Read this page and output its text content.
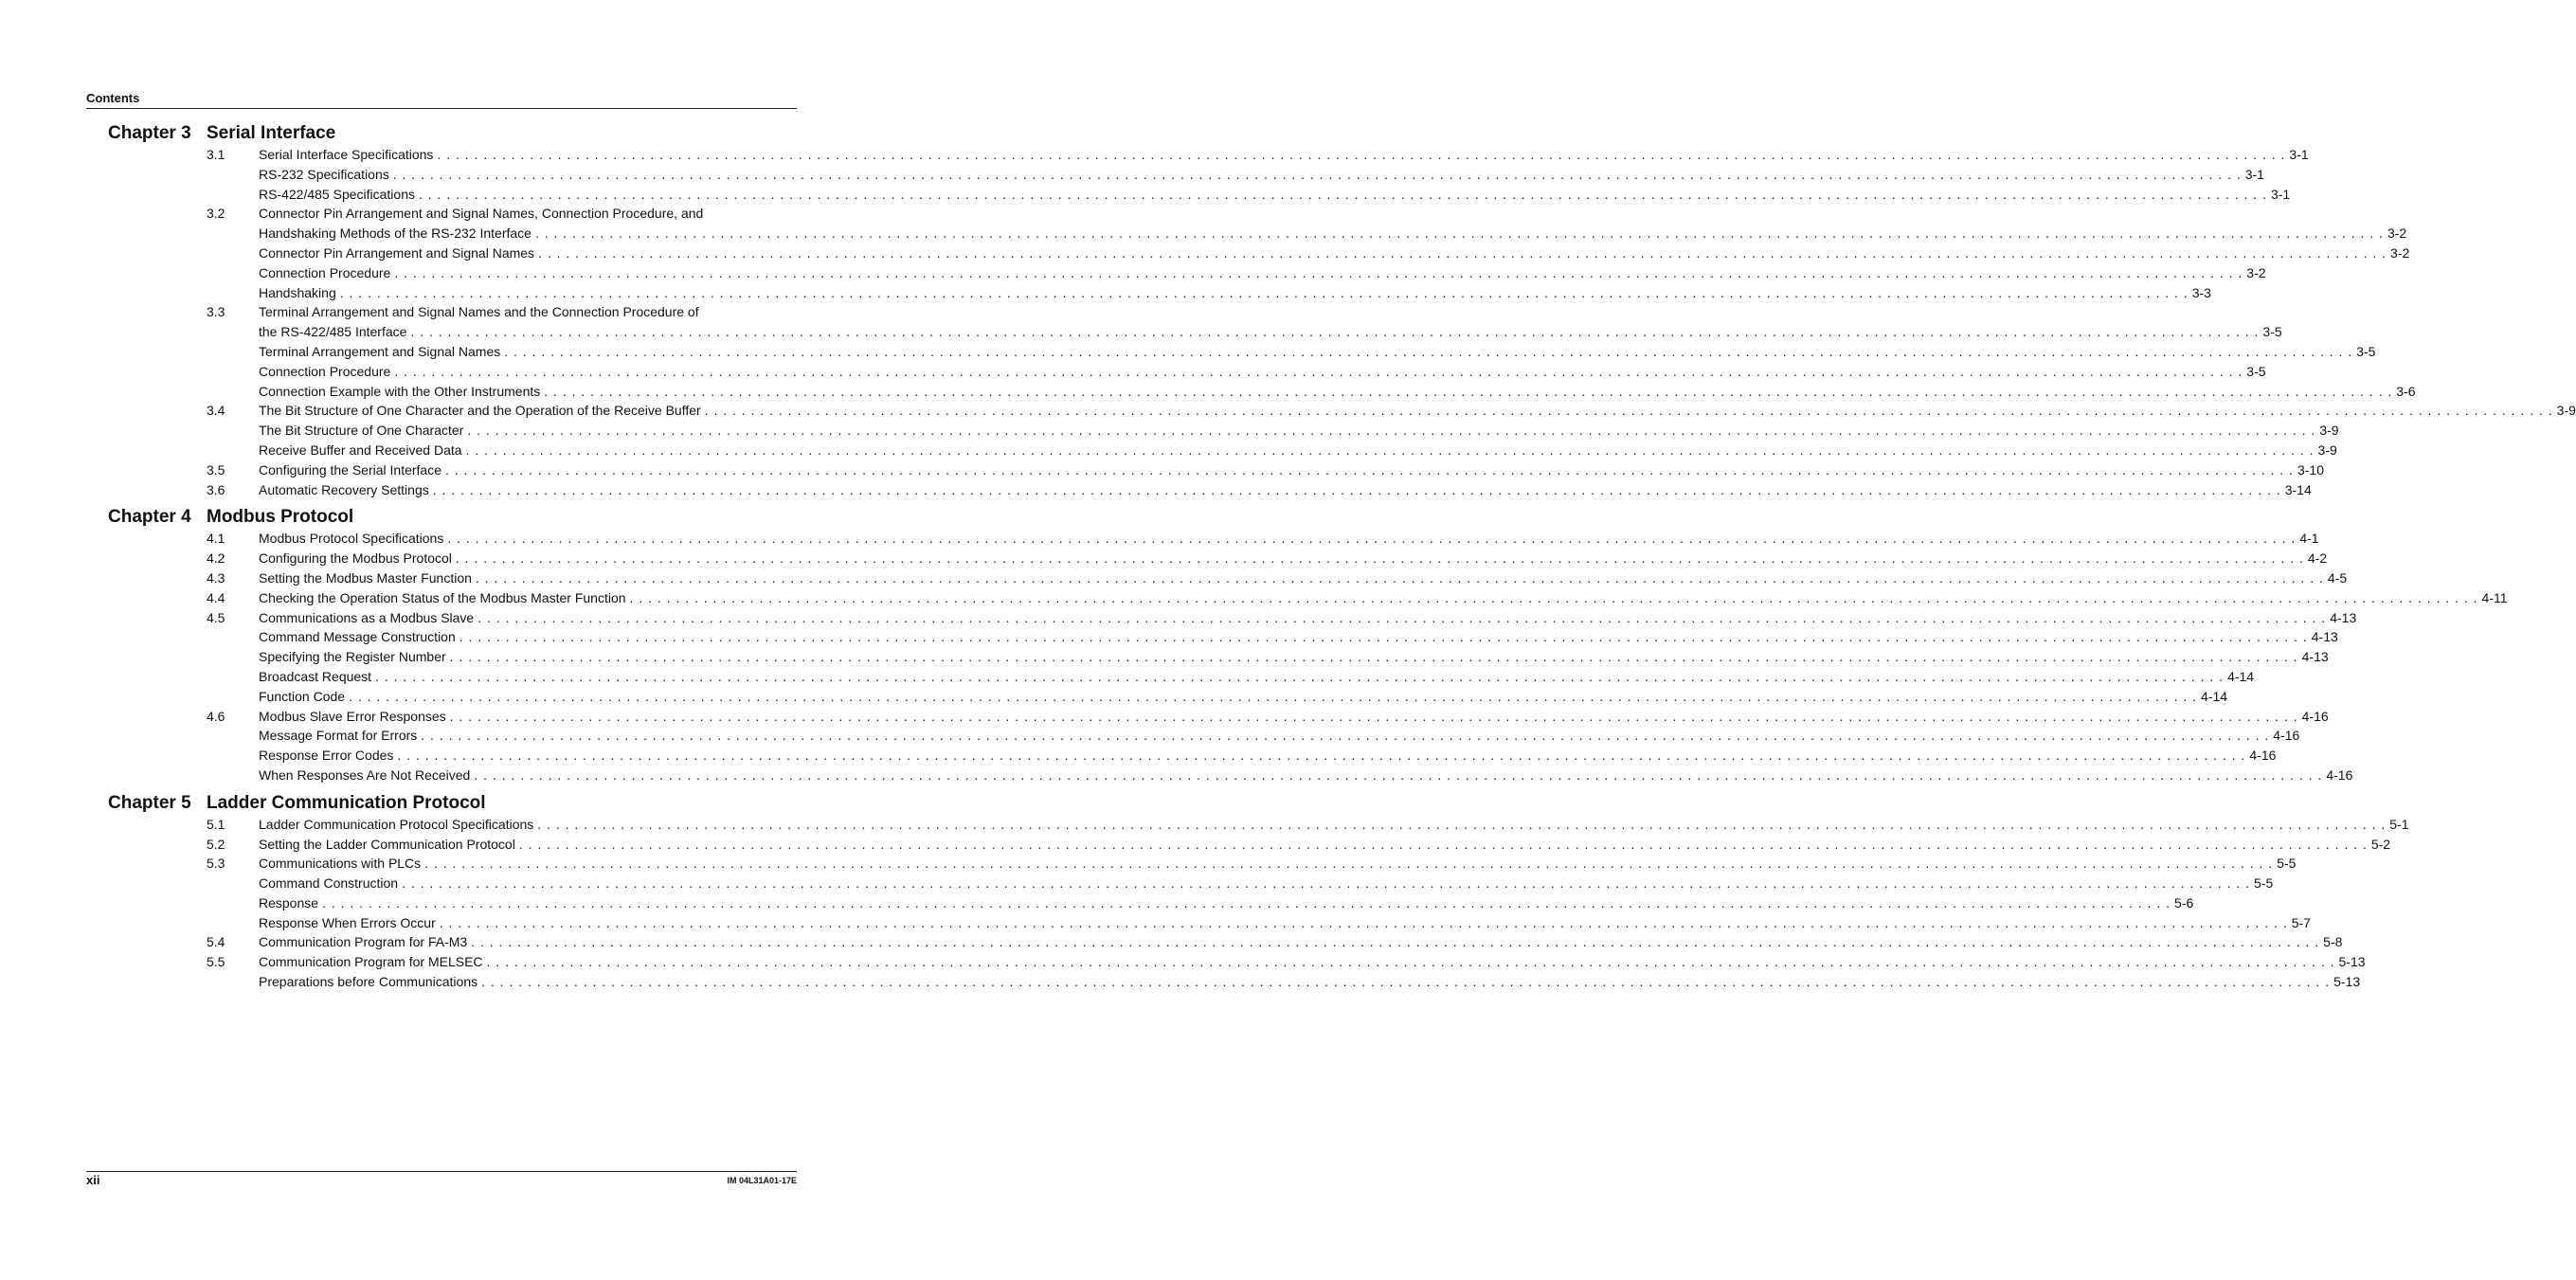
Contents
Chapter 3 Serial Interface
3.1	Serial Interface Specifications . . . . . . . . . . . . . . . . . . . . . . . . . . . . . . . . . . . . . . . . . . . . . . . . . . . . . . . . . . . . . . . . . . . . . . . . . . . . . . . . . . . . . . . . . . . . . . . . . . . . . . . . . . . . . . . . . . . . . . . . . . . . . . . . . . . . . . . . . . . . . . . . . . . . . . . . . . . . . . . . . . . . . . . . . . . . . . . . . . . . . . . . . . . . . . . . . . . . . . . . 3-1
RS-232 Specifications . . . . . . . . . . . . . . . . . . . . . . . . . . . . . . . . . . . . . . . . . . . . . . . . . . . . . . . . . . . . . . . . . . . . . . . . . . . . . . . . . . . . . . . . . . . . . . . . . . . . . . . . . . . . . . . . . . . . . . . . . . . . . . . . . . . . . . . . . . . . . . . . . . . . . . . . . . . . . . . . . . . . . . . . . . . . . . . . . . . . . . . . . . . . . . . . . . . . . . . . 3-1
RS-422/485 Specifications . . . . . . . . . . . . . . . . . . . . . . . . . . . . . . . . . . . . . . . . . . . . . . . . . . . . . . . . . . . . . . . . . . . . . . . . . . . . . . . . . . . . . . . . . . . . . . . . . . . . . . . . . . . . . . . . . . . . . . . . . . . . . . . . . . . . . . . . . . . . . . . . . . . . . . . . . . . . . . . . . . . . . . . . . . . . . . . . . . . . . . . . . . . . . . . . . . . . . . . . 3-1
3.2	Connector Pin Arrangement and Signal Names, Connection Procedure, and
Handshaking Methods of the RS-232 Interface . . . . . . . . . . . . . . . . . . . . . . . . . . . . . . . . . . . . . . . . . . . . . . . . . . . . . . . . . . . . . . . . . . . . . . . . . . . . . . . . . . . . . . . . . . . . . . . . . . . . . . . . . . . . . . . . . . . . . . . . . . . . . . . . . . . . . . . . . . . . . . . . . . . . . . . . . . . . . . . . . . . . . . . . . . . . . . . . . . . . . . . . . . . . . . . . . . . . . . . . 3-2
Connector Pin Arrangement and Signal Names . . . . . . . . . . . . . . . . . . . . . . . . . . . . . . . . . . . . . . . . . . . . . . . . . . . . . . . . . . . . . . . . . . . . . . . . . . . . . . . . . . . . . . . . . . . . . . . . . . . . . . . . . . . . . . . . . . . . . . . . . . . . . . . . . . . . . . . . . . . . . . . . . . . . . . . . . . . . . . . . . . . . . . . . . . . . . . . . . . . . . . . . . . . . . . . . . . . . . . . . 3-2
Connection Procedure . . . . . . . . . . . . . . . . . . . . . . . . . . . . . . . . . . . . . . . . . . . . . . . . . . . . . . . . . . . . . . . . . . . . . . . . . . . . . . . . . . . . . . . . . . . . . . . . . . . . . . . . . . . . . . . . . . . . . . . . . . . . . . . . . . . . . . . . . . . . . . . . . . . . . . . . . . . . . . . . . . . . . . . . . . . . . . . . . . . . . . . . . . . . . . . . . . . . . . . . 3-2
Handshaking . . . . . . . . . . . . . . . . . . . . . . . . . . . . . . . . . . . . . . . . . . . . . . . . . . . . . . . . . . . . . . . . . . . . . . . . . . . . . . . . . . . . . . . . . . . . . . . . . . . . . . . . . . . . . . . . . . . . . . . . . . . . . . . . . . . . . . . . . . . . . . . . . . . . . . . . . . . . . . . . . . . . . . . . . . . . . . . . . . . . . . . . . . . . . . . . . . . . . . . . 3-3
3.3	Terminal Arrangement and Signal Names and the Connection Procedure of
the RS-422/485 Interface . . . . . . . . . . . . . . . . . . . . . . . . . . . . . . . . . . . . . . . . . . . . . . . . . . . . . . . . . . . . . . . . . . . . . . . . . . . . . . . . . . . . . . . . . . . . . . . . . . . . . . . . . . . . . . . . . . . . . . . . . . . . . . . . . . . . . . . . . . . . . . . . . . . . . . . . . . . . . . . . . . . . . . . . . . . . . . . . . . . . . . . . . . . . . . . . . . . . . . . . 3-5
Terminal Arrangement and Signal Names . . . . . . . . . . . . . . . . . . . . . . . . . . . . . . . . . . . . . . . . . . . . . . . . . . . . . . . . . . . . . . . . . . . . . . . . . . . . . . . . . . . . . . . . . . . . . . . . . . . . . . . . . . . . . . . . . . . . . . . . . . . . . . . . . . . . . . . . . . . . . . . . . . . . . . . . . . . . . . . . . . . . . . . . . . . . . . . . . . . . . . . . . . . . . . . . . . . . . . . . 3-5
Connection Procedure . . . . . . . . . . . . . . . . . . . . . . . . . . . . . . . . . . . . . . . . . . . . . . . . . . . . . . . . . . . . . . . . . . . . . . . . . . . . . . . . . . . . . . . . . . . . . . . . . . . . . . . . . . . . . . . . . . . . . . . . . . . . . . . . . . . . . . . . . . . . . . . . . . . . . . . . . . . . . . . . . . . . . . . . . . . . . . . . . . . . . . . . . . . . . . . . . . . . . . . . 3-5
Connection Example with the Other Instruments . . . . . . . . . . . . . . . . . . . . . . . . . . . . . . . . . . . . . . . . . . . . . . . . . . . . . . . . . . . . . . . . . . . . . . . . . . . . . . . . . . . . . . . . . . . . . . . . . . . . . . . . . . . . . . . . . . . . . . . . . . . . . . . . . . . . . . . . . . . . . . . . . . . . . . . . . . . . . . . . . . . . . . . . . . . . . . . . . . . . . . . . . . . . . . . . . . . . . . . . 3-6
3.4	The Bit Structure of One Character and the Operation of the Receive Buffer . . . . . . . . . . . . . . . . . . . . . . . . . . . . . . . . . . . . . . . . . . . . . . . . . . . . . . . . . . . . . . . . . . . . . . . . . . . . . . . . . . . . . . . . . . . . . . . . . . . . . . . . . . . . . . . . . . . . . . . . . . . . . . . . . . . . . . . . . . . . . . . . . . . . . . . . . . . . . . . . . . . . . . . . . . . . . . . . . . . . . . . . . . . . . . . . . . . . . . . . 3-9
The Bit Structure of One Character . . . . . . . . . . . . . . . . . . . . . . . . . . . . . . . . . . . . . . . . . . . . . . . . . . . . . . . . . . . . . . . . . . . . . . . . . . . . . . . . . . . . . . . . . . . . . . . . . . . . . . . . . . . . . . . . . . . . . . . . . . . . . . . . . . . . . . . . . . . . . . . . . . . . . . . . . . . . . . . . . . . . . . . . . . . . . . . . . . . . . . . . . . . . . . . . . . . . . . . . 3-9
Receive Buffer and Received Data . . . . . . . . . . . . . . . . . . . . . . . . . . . . . . . . . . . . . . . . . . . . . . . . . . . . . . . . . . . . . . . . . . . . . . . . . . . . . . . . . . . . . . . . . . . . . . . . . . . . . . . . . . . . . . . . . . . . . . . . . . . . . . . . . . . . . . . . . . . . . . . . . . . . . . . . . . . . . . . . . . . . . . . . . . . . . . . . . . . . . . . . . . . . . . . . . . . . . . . . 3-9
3.5	Configuring the Serial Interface . . . . . . . . . . . . . . . . . . . . . . . . . . . . . . . . . . . . . . . . . . . . . . . . . . . . . . . . . . . . . . . . . . . . . . . . . . . . . . . . . . . . . . . . . . . . . . . . . . . . . . . . . . . . . . . . . . . . . . . . . . . . . . . . . . . . . . . . . . . . . . . . . . . . . . . . . . . . . . . . . . . . . . . . . . . . . . . . . . . . . . . . . . . . . . . . . . . . . . . . 3-10
3.6	Automatic Recovery Settings . . . . . . . . . . . . . . . . . . . . . . . . . . . . . . . . . . . . . . . . . . . . . . . . . . . . . . . . . . . . . . . . . . . . . . . . . . . . . . . . . . . . . . . . . . . . . . . . . . . . . . . . . . . . . . . . . . . . . . . . . . . . . . . . . . . . . . . . . . . . . . . . . . . . . . . . . . . . . . . . . . . . . . . . . . . . . . . . . . . . . . . . . . . . . . . . . . . . . . . . 3-14
Chapter 4 Modbus Protocol
4.1	Modbus Protocol Specifications . . . . . . . . . . . . . . . . . . . . . . . . . . . . . . . . . . . . . . . . . . . . . . . . . . . . . . . . . . . . . . . . . . . . . . . . . . . . . . . . . . . . . . . . . . . . . . . . . . . . . . . . . . . . . . . . . . . . . . . . . . . . . . . . . . . . . . . . . . . . . . . . . . . . . . . . . . . . . . . . . . . . . . . . . . . . . . . . . . . . . . . . . . . . . . . . . . . . . . . . 4-1
4.2	Configuring the Modbus Protocol . . . . . . . . . . . . . . . . . . . . . . . . . . . . . . . . . . . . . . . . . . . . . . . . . . . . . . . . . . . . . . . . . . . . . . . . . . . . . . . . . . . . . . . . . . . . . . . . . . . . . . . . . . . . . . . . . . . . . . . . . . . . . . . . . . . . . . . . . . . . . . . . . . . . . . . . . . . . . . . . . . . . . . . . . . . . . . . . . . . . . . . . . . . . . . . . . . . . . . . . 4-2
4.3	Setting the Modbus Master Function . . . . . . . . . . . . . . . . . . . . . . . . . . . . . . . . . . . . . . . . . . . . . . . . . . . . . . . . . . . . . . . . . . . . . . . . . . . . . . . . . . . . . . . . . . . . . . . . . . . . . . . . . . . . . . . . . . . . . . . . . . . . . . . . . . . . . . . . . . . . . . . . . . . . . . . . . . . . . . . . . . . . . . . . . . . . . . . . . . . . . . . . . . . . . . . . . . . . . . . . 4-5
4.4	Checking the Operation Status of the Modbus Master Function . . . . . . . . . . . . . . . . . . . . . . . . . . . . . . . . . . . . . . . . . . . . . . . . . . . . . . . . . . . . . . . . . . . . . . . . . . . . . . . . . . . . . . . . . . . . . . . . . . . . . . . . . . . . . . . . . . . . . . . . . . . . . . . . . . . . . . . . . . . . . . . . . . . . . . . . . . . . . . . . . . . . . . . . . . . . . . . . . . . . . . . . . . . . . . . . . . . . . . . . 4-11
4.5	Communications as a Modbus Slave . . . . . . . . . . . . . . . . . . . . . . . . . . . . . . . . . . . . . . . . . . . . . . . . . . . . . . . . . . . . . . . . . . . . . . . . . . . . . . . . . . . . . . . . . . . . . . . . . . . . . . . . . . . . . . . . . . . . . . . . . . . . . . . . . . . . . . . . . . . . . . . . . . . . . . . . . . . . . . . . . . . . . . . . . . . . . . . . . . . . . . . . . . . . . . . . . . . . . . . . 4-13
Command Message Construction . . . . . . . . . . . . . . . . . . . . . . . . . . . . . . . . . . . . . . . . . . . . . . . . . . . . . . . . . . . . . . . . . . . . . . . . . . . . . . . . . . . . . . . . . . . . . . . . . . . . . . . . . . . . . . . . . . . . . . . . . . . . . . . . . . . . . . . . . . . . . . . . . . . . . . . . . . . . . . . . . . . . . . . . . . . . . . . . . . . . . . . . . . . . . . . . . . . . . . . . 4-13
Specifying the Register Number . . . . . . . . . . . . . . . . . . . . . . . . . . . . . . . . . . . . . . . . . . . . . . . . . . . . . . . . . . . . . . . . . . . . . . . . . . . . . . . . . . . . . . . . . . . . . . . . . . . . . . . . . . . . . . . . . . . . . . . . . . . . . . . . . . . . . . . . . . . . . . . . . . . . . . . . . . . . . . . . . . . . . . . . . . . . . . . . . . . . . . . . . . . . . . . . . . . . . . . . 4-13
Broadcast Request . . . . . . . . . . . . . . . . . . . . . . . . . . . . . . . . . . . . . . . . . . . . . . . . . . . . . . . . . . . . . . . . . . . . . . . . . . . . . . . . . . . . . . . . . . . . . . . . . . . . . . . . . . . . . . . . . . . . . . . . . . . . . . . . . . . . . . . . . . . . . . . . . . . . . . . . . . . . . . . . . . . . . . . . . . . . . . . . . . . . . . . . . . . . . . . . . . . . . . . . 4-14
Function Code . . . . . . . . . . . . . . . . . . . . . . . . . . . . . . . . . . . . . . . . . . . . . . . . . . . . . . . . . . . . . . . . . . . . . . . . . . . . . . . . . . . . . . . . . . . . . . . . . . . . . . . . . . . . . . . . . . . . . . . . . . . . . . . . . . . . . . . . . . . . . . . . . . . . . . . . . . . . . . . . . . . . . . . . . . . . . . . . . . . . . . . . . . . . . . . . . . . . . . . . 4-14
4.6	Modbus Slave Error Responses . . . . . . . . . . . . . . . . . . . . . . . . . . . . . . . . . . . . . . . . . . . . . . . . . . . . . . . . . . . . . . . . . . . . . . . . . . . . . . . . . . . . . . . . . . . . . . . . . . . . . . . . . . . . . . . . . . . . . . . . . . . . . . . . . . . . . . . . . . . . . . . . . . . . . . . . . . . . . . . . . . . . . . . . . . . . . . . . . . . . . . . . . . . . . . . . . . . . . . . . 4-16
Message Format for Errors . . . . . . . . . . . . . . . . . . . . . . . . . . . . . . . . . . . . . . . . . . . . . . . . . . . . . . . . . . . . . . . . . . . . . . . . . . . . . . . . . . . . . . . . . . . . . . . . . . . . . . . . . . . . . . . . . . . . . . . . . . . . . . . . . . . . . . . . . . . . . . . . . . . . . . . . . . . . . . . . . . . . . . . . . . . . . . . . . . . . . . . . . . . . . . . . . . . . . . . . 4-16
Response Error Codes . . . . . . . . . . . . . . . . . . . . . . . . . . . . . . . . . . . . . . . . . . . . . . . . . . . . . . . . . . . . . . . . . . . . . . . . . . . . . . . . . . . . . . . . . . . . . . . . . . . . . . . . . . . . . . . . . . . . . . . . . . . . . . . . . . . . . . . . . . . . . . . . . . . . . . . . . . . . . . . . . . . . . . . . . . . . . . . . . . . . . . . . . . . . . . . . . . . . . . . . 4-16
When Responses Are Not Received . . . . . . . . . . . . . . . . . . . . . . . . . . . . . . . . . . . . . . . . . . . . . . . . . . . . . . . . . . . . . . . . . . . . . . . . . . . . . . . . . . . . . . . . . . . . . . . . . . . . . . . . . . . . . . . . . . . . . . . . . . . . . . . . . . . . . . . . . . . . . . . . . . . . . . . . . . . . . . . . . . . . . . . . . . . . . . . . . . . . . . . . . . . . . . . . . . . . . . . . 4-16
Chapter 5 Ladder Communication Protocol
5.1	Ladder Communication Protocol Specifications . . . . . . . . . . . . . . . . . . . . . . . . . . . . . . . . . . . . . . . . . . . . . . . . . . . . . . . . . . . . . . . . . . . . . . . . . . . . . . . . . . . . . . . . . . . . . . . . . . . . . . . . . . . . . . . . . . . . . . . . . . . . . . . . . . . . . . . . . . . . . . . . . . . . . . . . . . . . . . . . . . . . . . . . . . . . . . . . . . . . . . . . . . . . . . . . . . . . . . . . 5-1
5.2	Setting the Ladder Communication Protocol . . . . . . . . . . . . . . . . . . . . . . . . . . . . . . . . . . . . . . . . . . . . . . . . . . . . . . . . . . . . . . . . . . . . . . . . . . . . . . . . . . . . . . . . . . . . . . . . . . . . . . . . . . . . . . . . . . . . . . . . . . . . . . . . . . . . . . . . . . . . . . . . . . . . . . . . . . . . . . . . . . . . . . . . . . . . . . . . . . . . . . . . . . . . . . . . . . . . . . . . 5-2
5.3	Communications with PLCs . . . . . . . . . . . . . . . . . . . . . . . . . . . . . . . . . . . . . . . . . . . . . . . . . . . . . . . . . . . . . . . . . . . . . . . . . . . . . . . . . . . . . . . . . . . . . . . . . . . . . . . . . . . . . . . . . . . . . . . . . . . . . . . . . . . . . . . . . . . . . . . . . . . . . . . . . . . . . . . . . . . . . . . . . . . . . . . . . . . . . . . . . . . . . . . . . . . . . . . . 5-5
Command Construction . . . . . . . . . . . . . . . . . . . . . . . . . . . . . . . . . . . . . . . . . . . . . . . . . . . . . . . . . . . . . . . . . . . . . . . . . . . . . . . . . . . . . . . . . . . . . . . . . . . . . . . . . . . . . . . . . . . . . . . . . . . . . . . . . . . . . . . . . . . . . . . . . . . . . . . . . . . . . . . . . . . . . . . . . . . . . . . . . . . . . . . . . . . . . . . . . . . . . . . . 5-5
Response . . . . . . . . . . . . . . . . . . . . . . . . . . . . . . . . . . . . . . . . . . . . . . . . . . . . . . . . . . . . . . . . . . . . . . . . . . . . . . . . . . . . . . . . . . . . . . . . . . . . . . . . . . . . . . . . . . . . . . . . . . . . . . . . . . . . . . . . . . . . . . . . . . . . . . . . . . . . . . . . . . . . . . . . . . . . . . . . . . . . . . . . . . . . . . . . . . . . . . . . 5-6
Response When Errors Occur . . . . . . . . . . . . . . . . . . . . . . . . . . . . . . . . . . . . . . . . . . . . . . . . . . . . . . . . . . . . . . . . . . . . . . . . . . . . . . . . . . . . . . . . . . . . . . . . . . . . . . . . . . . . . . . . . . . . . . . . . . . . . . . . . . . . . . . . . . . . . . . . . . . . . . . . . . . . . . . . . . . . . . . . . . . . . . . . . . . . . . . . . . . . . . . . . . . . . . . . 5-7
5.4	Communication Program for FA-M3 . . . . . . . . . . . . . . . . . . . . . . . . . . . . . . . . . . . . . . . . . . . . . . . . . . . . . . . . . . . . . . . . . . . . . . . . . . . . . . . . . . . . . . . . . . . . . . . . . . . . . . . . . . . . . . . . . . . . . . . . . . . . . . . . . . . . . . . . . . . . . . . . . . . . . . . . . . . . . . . . . . . . . . . . . . . . . . . . . . . . . . . . . . . . . . . . . . . . . . . . 5-8
5.5	Communication Program for MELSEC . . . . . . . . . . . . . . . . . . . . . . . . . . . . . . . . . . . . . . . . . . . . . . . . . . . . . . . . . . . . . . . . . . . . . . . . . . . . . . . . . . . . . . . . . . . . . . . . . . . . . . . . . . . . . . . . . . . . . . . . . . . . . . . . . . . . . . . . . . . . . . . . . . . . . . . . . . . . . . . . . . . . . . . . . . . . . . . . . . . . . . . . . . . . . . . . . . . . . . . . 5-13
Preparations before Communications . . . . . . . . . . . . . . . . . . . . . . . . . . . . . . . . . . . . . . . . . . . . . . . . . . . . . . . . . . . . . . . . . . . . . . . . . . . . . . . . . . . . . . . . . . . . . . . . . . . . . . . . . . . . . . . . . . . . . . . . . . . . . . . . . . . . . . . . . . . . . . . . . . . . . . . . . . . . . . . . . . . . . . . . . . . . . . . . . . . . . . . . . . . . . . . . . . . . . . . . 5-13
xii	IM 04L31A01-17E
